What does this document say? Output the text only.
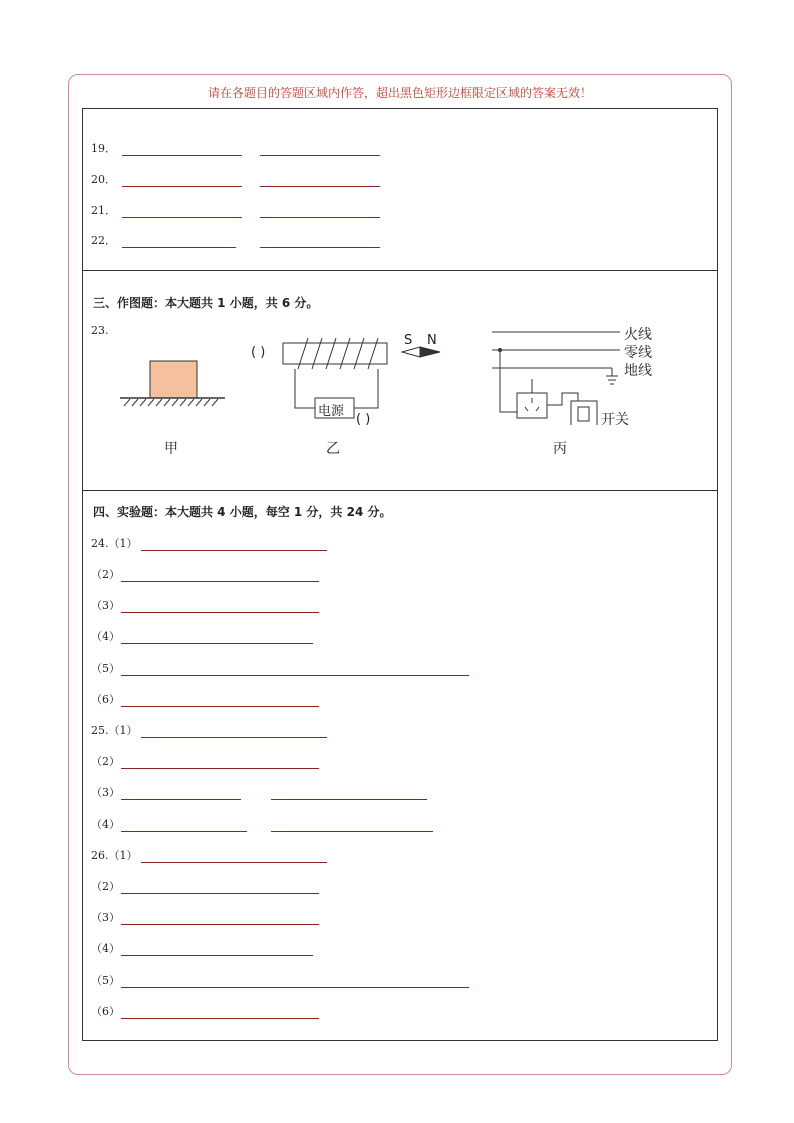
请在各题目的答题区域内作答，超出黑色矩形边框限定区域的答案无效！
19．
20．
21．
22．
三、作图题：本大题共 1 小题，共 6 分。
23.
甲
电源
( )
( )
乙
S N	火线
零线
地线
开关
丙
四、实验题：本大题共 4 小题，每空 1 分，共 24 分。
24.（1）
（2）
（3）
（4）
（5）
（6）
25.（1）
（2）
（3）
（4）
26.（1）
（2）
（3）
（4）
（5）
（6）
